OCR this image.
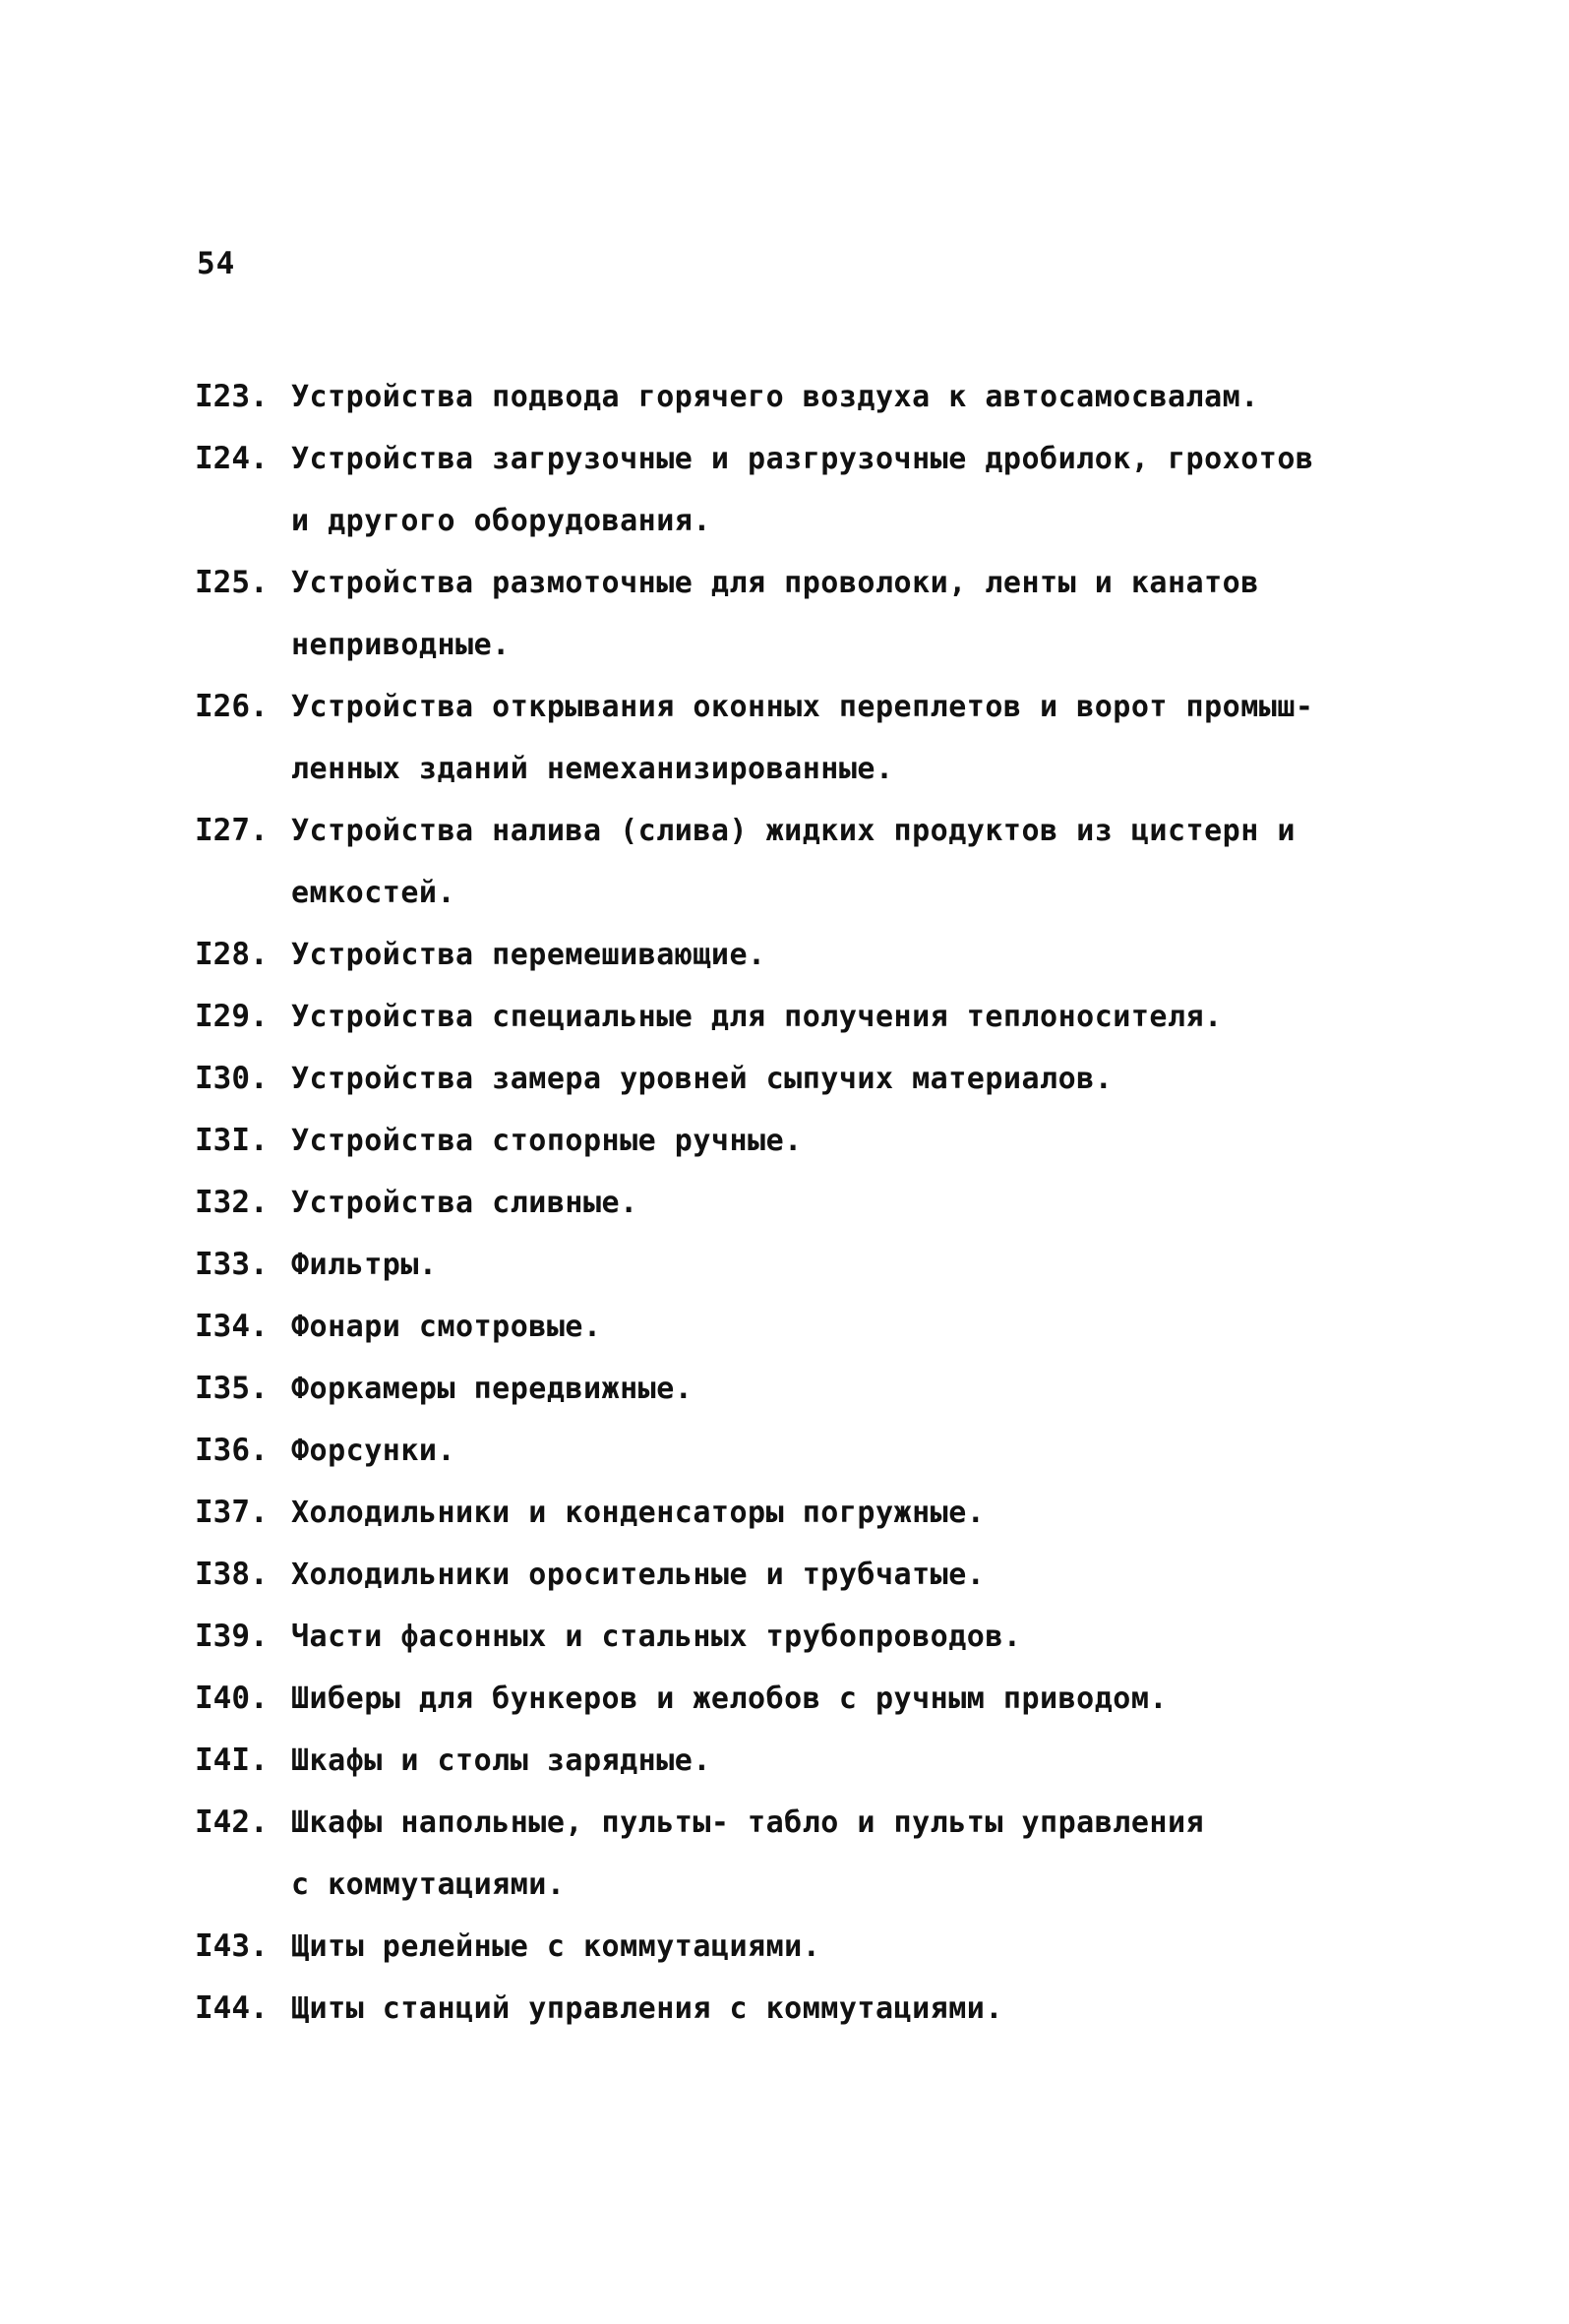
54
I23. Устройства подвода горячего воздуха к автосамосвалам.
I24. Устройства загрузочные и разгрузочные дробилок, грохотов
и другого оборудования.
I25. Устройства размоточные для проволоки, ленты и канатов
неприводные.
I26. Устройства открывания оконных переплетов и ворот промыш-
ленных зданий немеханизированные.
I27. Устройства налива (слива) жидких продуктов из цистерн и
емкостей.
I28. Устройства перемешивающие.
I29. Устройства специальные для получения теплоносителя.
I30. Устройства замера уровней сыпучих материалов.
I3I. Устройства стопорные ручные.
I32. Устройства сливные.
I33. Фильтры.
I34. Фонари смотровые.
I35. Форкамеры передвижные.
I36. Форсунки.
I37. Холодильники и конденсаторы погружные.
I38. Холодильники оросительные и трубчатые.
I39. Части фасонных и стальных трубопроводов.
I40. Шиберы для бункеров и желобов с ручным приводом.
I4I. Шкафы и столы зарядные.
I42. Шкафы напольные, пульты- табло и пульты управления
с коммутациями.
I43. Щиты релейные с коммутациями.
I44. Щиты станций управления с коммутациями.
